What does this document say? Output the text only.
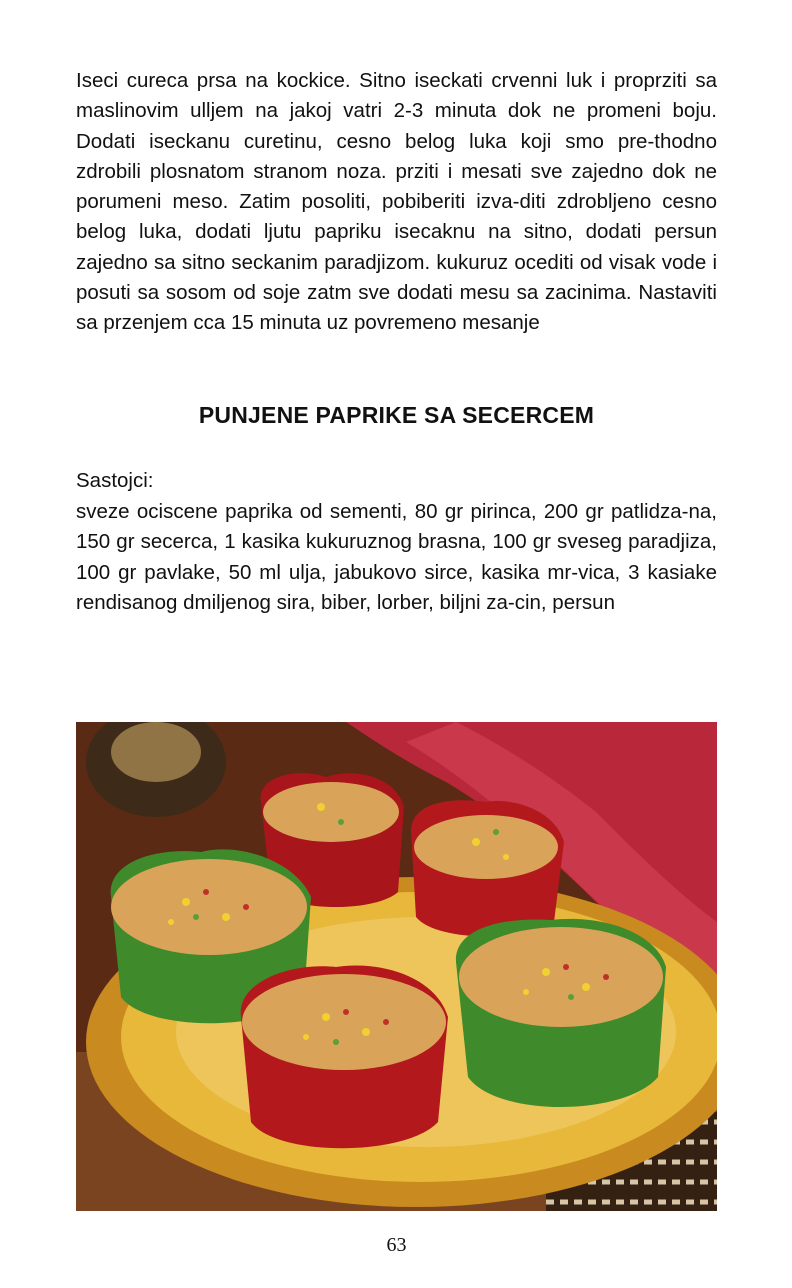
Iseci cureca prsa na kockice. Sitno iseckati crvenni luk i proprziti sa maslinovim ulljem na jakoj vatri 2-3 minuta dok ne promeni boju. Dodati iseckanu curetinu, cesno belog luka koji smo pre-thodno zdrobili plosnatom stranom noza. prziti i mesati sve zajedno dok ne porumeni meso. Zatim posoliti, pobiberiti izva-diti zdrobljeno cesno belog luka, dodati ljutu papriku isecaknu na sitno, dodati persun zajedno sa sitno seckanim paradjizom. kukuruz ocediti od visak vode i posuti sa sosom od soje zatm sve dodati mesu sa zacinima. Nastaviti sa przenjem cca 15 minuta uz povremeno mesanje

PUNJENE PAPRIKE SA SECERCEM

Sastojci:

sveze ociscene paprika od sementi, 80 gr pirinca, 200 gr patlidza-na, 150 gr secerca, 1 kasika kukuruznog brasna, 100 gr sveseg paradjiza, 100 gr pavlake, 50 ml ulja, jabukovo sirce, kasika mr-vica, 3 kasiake rendisanog dmiljenog sira, biber, lorber, biljni za-cin, persun

63
